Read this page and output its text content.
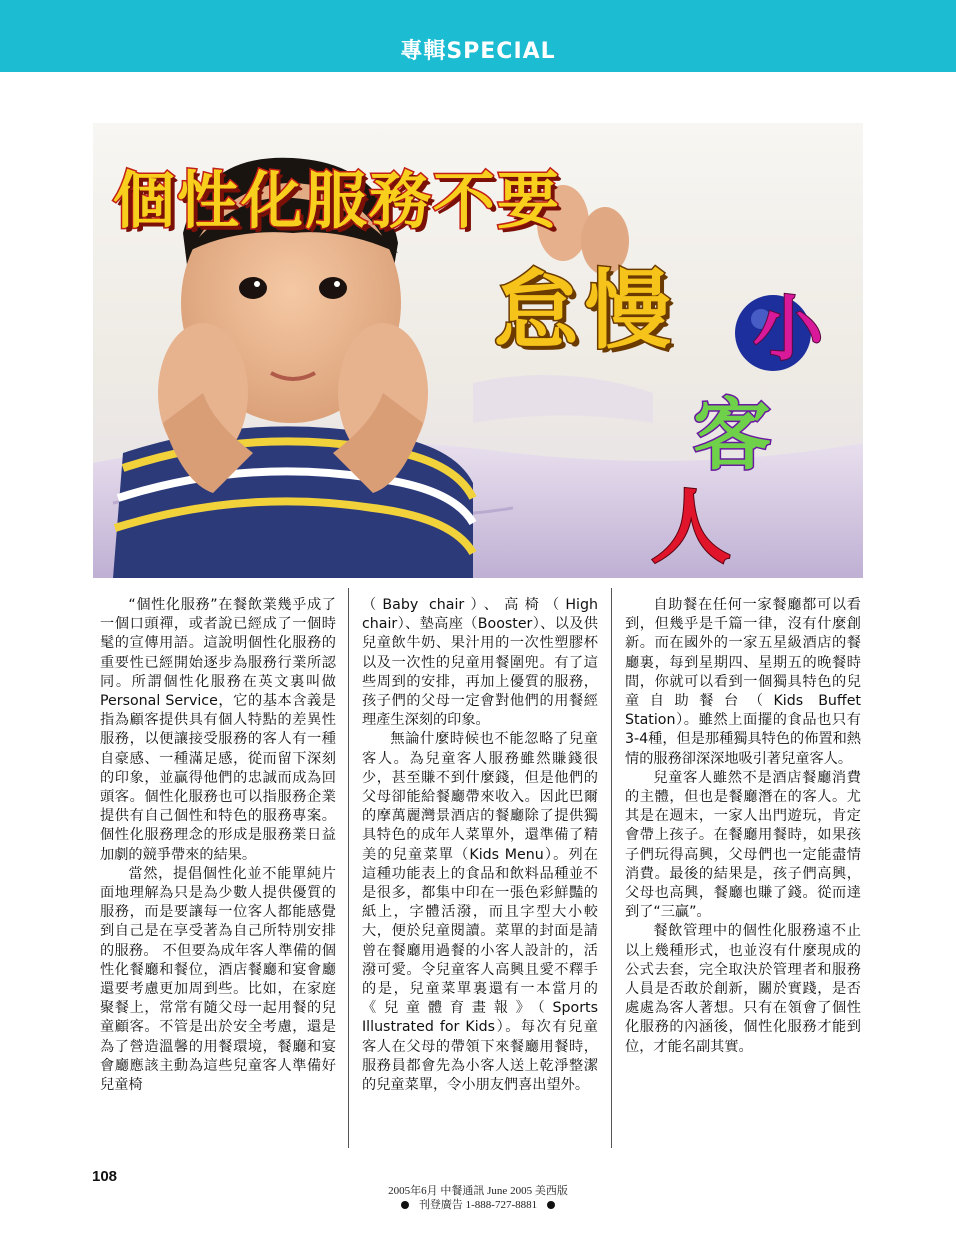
專輯SPECIAL
個性化服務不要
怠慢 小
客
人

“個性化服務”在餐飲業幾乎成了一個口頭禪，或者說已經成了一個時髦的宣傳用語。這說明個性化服務的重要性已經開始逐步為服務行業所認同。所謂個性化服務在英文裏叫做Personal Service，它的基本含義是指為顧客提供具有個人特點的差異性服務，以便讓接受服務的客人有一種自豪感、一種滿足感，從而留下深刻的印象，並贏得他們的忠誠而成為回頭客。個性化服務也可以指服務企業提供有自己個性和特色的服務專案。個性化服務理念的形成是服務業日益加劇的競爭帶來的結果。

當然，提倡個性化並不能單純片面地理解為只是為少數人提供優質的服務，而是要讓每一位客人都能感覺到自己是在享受著為自己所特別安排的服務。 不但要為成年客人準備的個性化餐廳和餐位，酒店餐廳和宴會廳還要考慮更加周到些。比如，在家庭聚餐上，常常有隨父母一起用餐的兒童顧客。不管是出於安全考慮，還是為了營造溫馨的用餐環境，餐廳和宴會廳應該主動為這些兒童客人準備好兒童椅

（Baby chair）、高椅（High chair）、墊高座（Booster）、以及供兒童飲牛奶、果汁用的一次性塑膠杯以及一次性的兒童用餐圍兜。有了這些周到的安排，再加上優質的服務，孩子們的父母一定會對他們的用餐經理產生深刻的印象。

無論什麼時候也不能忽略了兒童客人。為兒童客人服務雖然賺錢很少，甚至賺不到什麼錢，但是他們的父母卻能給餐廳帶來收入。因此巴爾的摩萬麗灣景酒店的餐廳除了提供獨具特色的成年人菜單外，還準備了精美的兒童菜單（Kids Menu）。列在這種功能表上的食品和飲料品種並不是很多，都集中印在一張色彩鮮豔的紙上，字體活潑，而且字型大小較大，便於兒童閱讀。菜單的封面是請曾在餐廳用過餐的小客人設計的，活潑可愛。令兒童客人高興且愛不釋手的是，兒童菜單裏還有一本當月的《兒童體育畫報》（Sports Illustrated for Kids）。每次有兒童客人在父母的帶領下來餐廳用餐時，服務員都會先為小客人送上乾淨整潔的兒童菜單，令小朋友們喜出望外。

自助餐在任何一家餐廳都可以看到，但幾乎是千篇一律，沒有什麼創新。而在國外的一家五星級酒店的餐廳裏，每到星期四、星期五的晚餐時間，你就可以看到一個獨具特色的兒童自助餐台（Kids Buffet Station）。雖然上面擺的食品也只有3-4種，但是那種獨具特色的佈置和熱情的服務卻深深地吸引著兒童客人。

兒童客人雖然不是酒店餐廳消費的主體，但也是餐廳潛在的客人。尤其是在週末，一家人出門遊玩，肯定會帶上孩子。在餐廳用餐時，如果孩子們玩得高興，父母們也一定能盡情消費。最後的結果是，孩子們高興，父母也高興，餐廳也賺了錢。從而達到了“三贏”。

餐飲管理中的個性化服務遠不止以上幾種形式，也並沒有什麼現成的公式去套，完全取決於管理者和服務人員是否敢於創新，關於實踐，是否處處為客人著想。只有在領會了個性化服務的內涵後，個性化服務才能到位，才能名副其實。

108
2005年6月 中餐通訊 June 2005 美西版
刊登廣告 1-888-727-8881
